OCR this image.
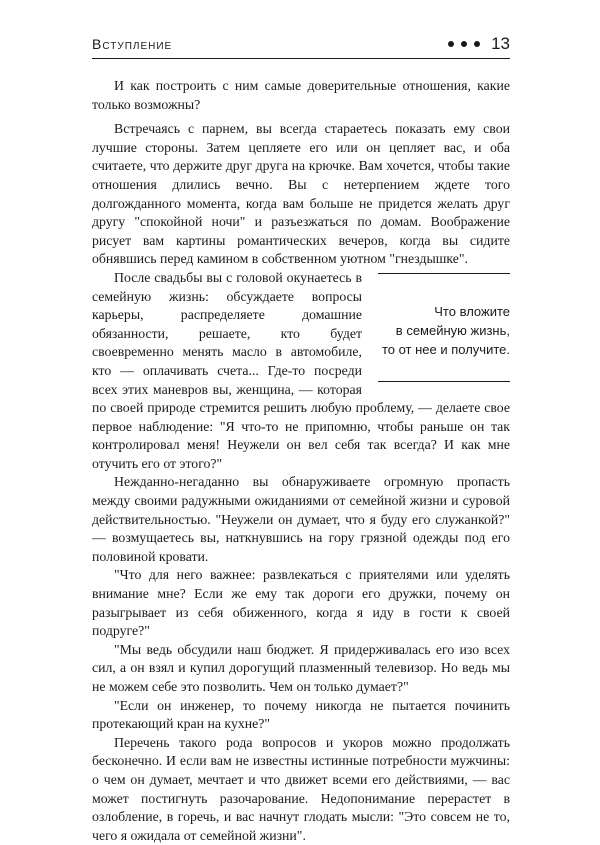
Вступление	13

И как построить с ним самые доверительные отношения, какие только возможны?

Встречаясь с парнем, вы всегда стараетесь показать ему свои лучшие стороны. Затем цепляете его или он цепляет вас, и оба считаете, что держите друг друга на крючке. Вам хочется, чтобы такие отношения длились вечно. Вы с нетерпением ждете того долгожданного момента, когда вам больше не придется желать друг другу "спокойной ночи" и разъезжаться по домам. Воображение рисует вам картины романтических вечеров, когда вы сидите обнявшись перед камином в собственном уютном "гнездышке".

Что вложите
в семейную жизнь,
то от нее и получите.

После свадьбы вы с головой окунаетесь в семейную жизнь: обсуждаете вопросы карьеры, распределяете домашние обязанности, решаете, кто будет своевременно менять масло в автомобиле, кто — оплачивать счета... Где-то посреди всех этих маневров вы, женщина, — которая по своей природе стремится решить любую проблему, — делаете свое первое наблюдение: "Я что-то не припомню, чтобы раньше он так контролировал меня! Неужели он вел себя так всегда? И как мне отучить его от этого?"

Нежданно-негаданно вы обнаруживаете огромную пропасть между своими радужными ожиданиями от семейной жизни и суровой действительностью. "Неужели он думает, что я буду его служанкой?" — возмущаетесь вы, наткнувшись на гору грязной одежды под его половиной кровати.

"Что для него важнее: развлекаться с приятелями или уделять внимание мне? Если же ему так дороги его дружки, почему он разыгрывает из себя обиженного, когда я иду в гости к своей подруге?"

"Мы ведь обсудили наш бюджет. Я придерживалась его изо всех сил, а он взял и купил дорогущий плазменный телевизор. Но ведь мы не можем себе это позволить. Чем он только думает?"

"Если он инженер, то почему никогда не пытается починить протекающий кран на кухне?"

Перечень такого рода вопросов и укоров можно продолжать бесконечно. И если вам не известны истинные потребности мужчины: о чем он думает, мечтает и что движет всеми его действиями, — вас может постигнуть разочарование. Недопонимание перерастет в озлобление, в горечь, и вас начнут глодать мысли: "Это совсем не то, чего я ожидала от семейной жизни".
